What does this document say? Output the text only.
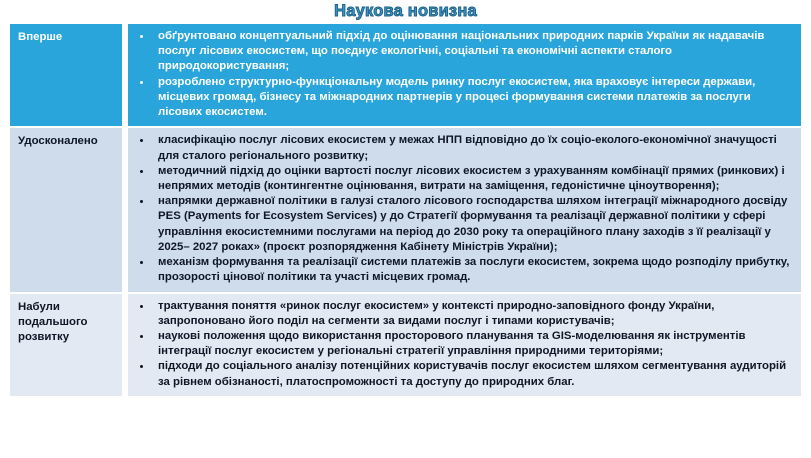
Наукова новизна
Вперше	обґрунтовано концептуальний підхід до оцінювання національних природних парків України як надавачів послуг лісових екосистем, що поєднує екологічні, соціальні та економічні аспекти сталого природокористування;
розроблено структурно-функціональну модель ринку послуг екосистем, яка враховує інтереси держави, місцевих громад, бізнесу та міжнародних партнерів у процесі формування системи платежів за послуги лісових екосистем.
Удосконалено	класифікацію послуг лісових екосистем у межах НПП відповідно до їх соціо-еколого-економічної значущості для сталого регіонального розвитку;
методичний підхід до оцінки вартості послуг лісових екосистем з урахуванням комбінації прямих (ринкових) і непрямих методів (контингентне оцінювання, витрати на заміщення, гедоністичне ціноутворення);
напрямки державної політики в галузі сталого лісового господарства шляхом інтеграції міжнародного досвіду PES (Payments for Ecosystem Services) у до Стратегії формування та реалізації державної політики у сфері управління екосистемними послугами на період до 2030 року та операційного плану заходів з її реалізації у 2025– 2027 роках» (проєкт розпорядження Кабінету Міністрів України);
механізм формування та реалізації системи платежів за послуги екосистем, зокрема щодо розподілу прибутку, прозорості цінової політики та участі місцевих громад.
Набули подальшого розвитку
трактування поняття «ринок послуг екосистем» у контексті природно-заповідного фонду України, запропоновано його поділ на сегменти за видами послуг і типами користувачів;
наукові положення щодо використання просторового планування та GIS-моделювання як інструментів інтеграції послуг екосистем у регіональні стратегії управління природними територіями;
підходи до соціального аналізу потенційних користувачів послуг екосистем шляхом сегментування аудиторій за рівнем обізнаності, платоспроможності та доступу до природних благ.
